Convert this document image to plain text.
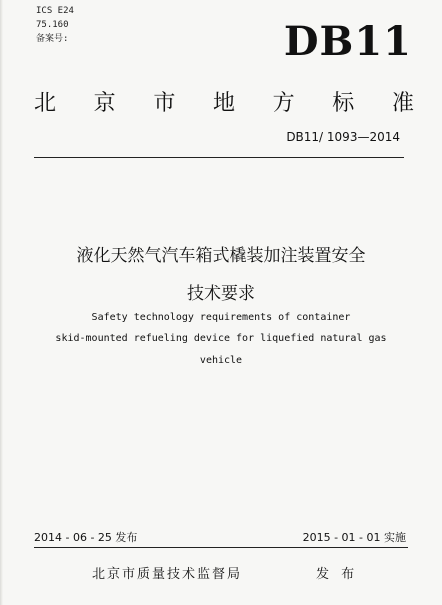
ICS E24
75.160
备案号:	DB11
北 京 市 地 方 标 准
DB11/ 1093—2014
液化天然气汽车箱式橇装加注装置安全
技术要求
Safety technology requirements of container
skid-mounted refueling device for liquefied natural gas
vehicle
2014 - 06 - 25 发布	2015 - 01 - 01 实施
北京市质量技术监督局	发 布
